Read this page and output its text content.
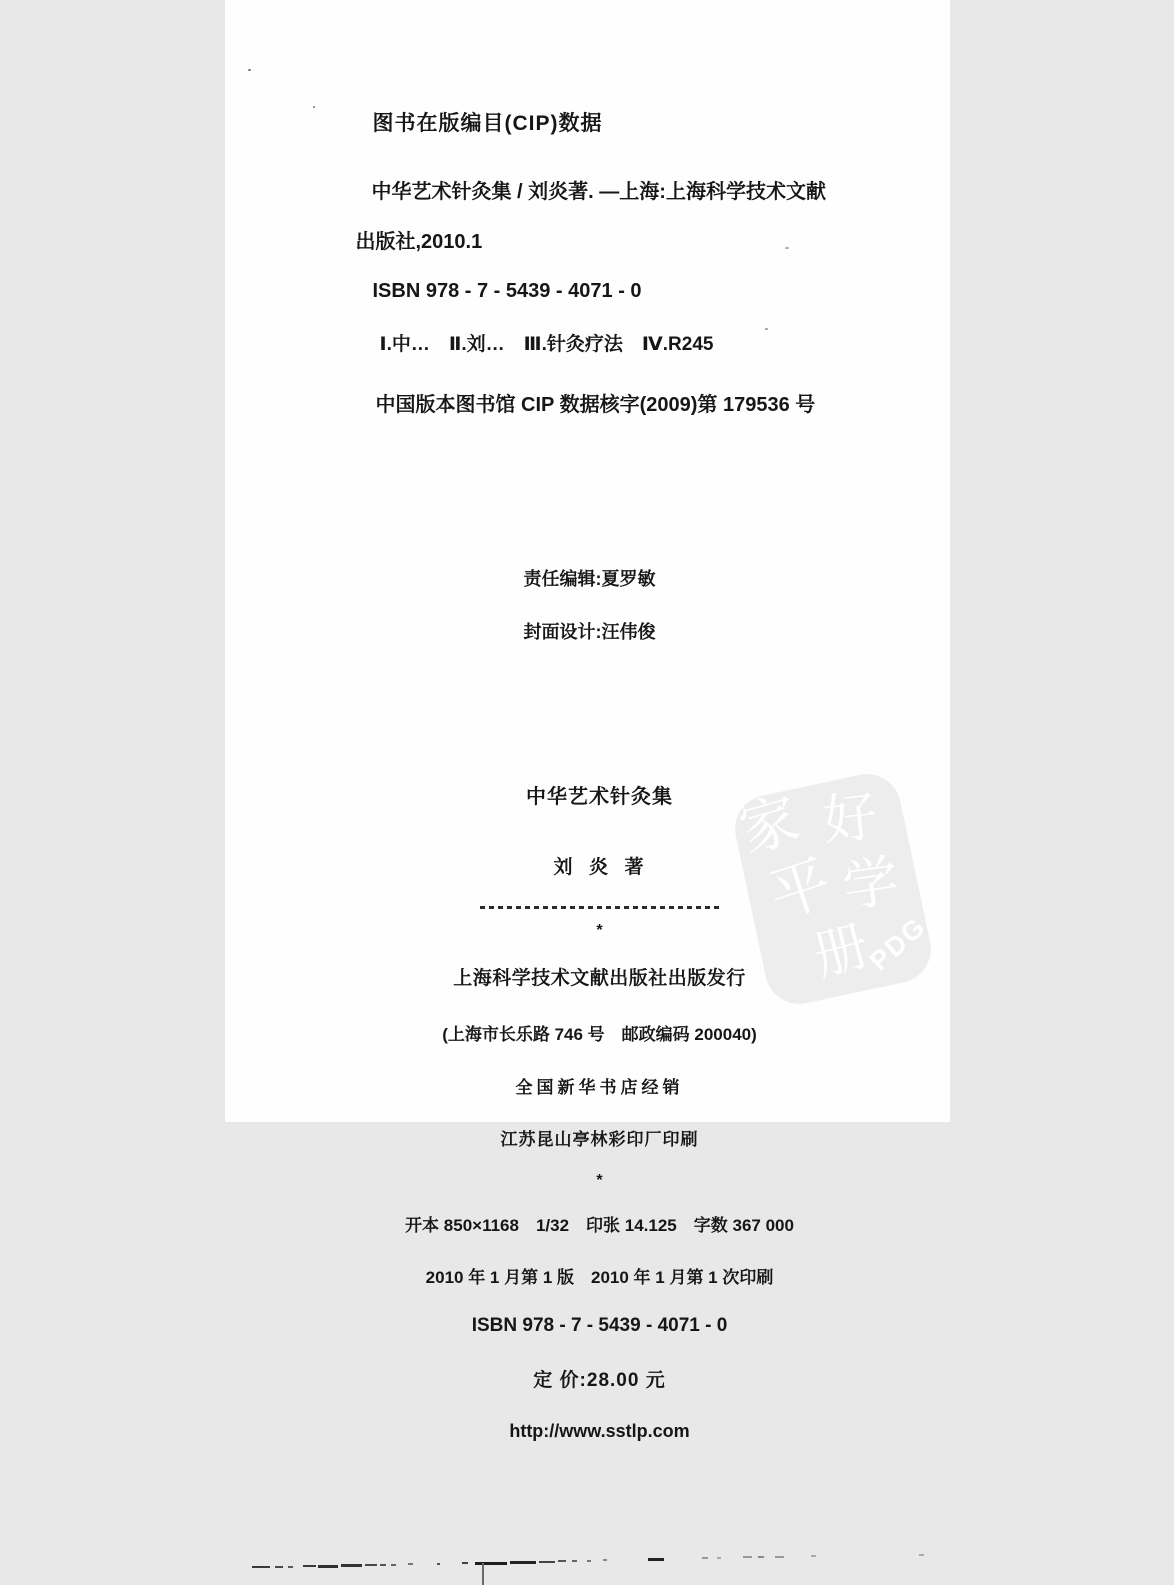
家 好
平 学
册
PDG
图书在版编目(CIP)数据
中华艺术针灸集 / 刘炎著. —上海:上海科学技术文献
出版社,2010.1
ISBN 978 - 7 - 5439 - 4071 - 0
Ⅰ.中…　Ⅱ.刘…　Ⅲ.针灸疗法　Ⅳ.R245
中国版本图书馆 CIP 数据核字(2009)第 179536 号
责任编辑:夏罗敏
封面设计:汪伟俊
中华艺术针灸集
刘  炎  著
*
上海科学技术文献出版社出版发行
(上海市长乐路 746 号　邮政编码 200040)
全国新华书店经销
江苏昆山亭林彩印厂印刷
*
开本 850×1168　1/32　印张 14.125　字数 367 000
2010 年 1 月第 1 版　2010 年 1 月第 1 次印刷
ISBN 978 - 7 - 5439 - 4071 - 0
定 价:28.00 元
http://www.sstlp.com
